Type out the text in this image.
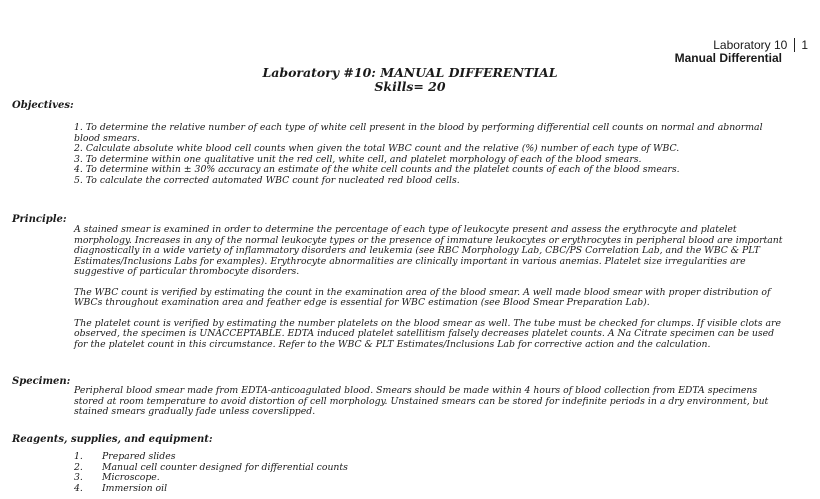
Laboratory 10 1
Manual Differential
Laboratory #10: MANUAL DIFFERENTIAL
Skills= 20
Objectives:

1. To determine the relative number of each type of white cell present in the blood by performing differential cell counts on normal and abnormal blood smears.

2. Calculate absolute white blood cell counts when given the total WBC count and the relative (%) number of each type of WBC.

3. To determine within one qualitative unit the red cell, white cell, and platelet morphology of each of the blood smears.

4. To determine within ± 30% accuracy an estimate of the white cell counts and the platelet counts of each of the blood smears.

5. To calculate the corrected automated WBC count for nucleated red blood cells.

Principle:

A stained smear is examined in order to determine the percentage of each type of leukocyte present and assess the erythrocyte and platelet morphology. Increases in any of the normal leukocyte types or the presence of immature leukocytes or erythrocytes in peripheral blood are important diagnostically in a wide variety of inflammatory disorders and leukemia (see RBC Morphology Lab, CBC/PS Correlation Lab, and the WBC & PLT Estimates/Inclusions Labs for examples). Erythrocyte abnormalities are clinically important in various anemias. Platelet size irregularities are suggestive of particular thrombocyte disorders.

The WBC count is verified by estimating the count in the examination area of the blood smear. A well made blood smear with proper distribution of WBCs throughout examination area and feather edge is essential for WBC estimation (see Blood Smear Preparation Lab).

The platelet count is verified by estimating the number platelets on the blood smear as well. The tube must be checked for clumps. If visible clots are observed, the specimen is UNACCEPTABLE. EDTA induced platelet satellitism falsely decreases platelet counts. A Na Citrate specimen can be used for the platelet count in this circumstance. Refer to the WBC & PLT Estimates/Inclusions Lab for corrective action and the calculation.

Specimen:

Peripheral blood smear made from EDTA-anticoagulated blood. Smears should be made within 4 hours of blood collection from EDTA specimens stored at room temperature to avoid distortion of cell morphology. Unstained smears can be stored for indefinite periods in a dry environment, but stained smears gradually fade unless coverslipped.

Reagents, supplies, and equipment:
1.	Prepared slides
2.	Manual cell counter designed for differential counts
3.	Microscope.
4.	Immersion oil
